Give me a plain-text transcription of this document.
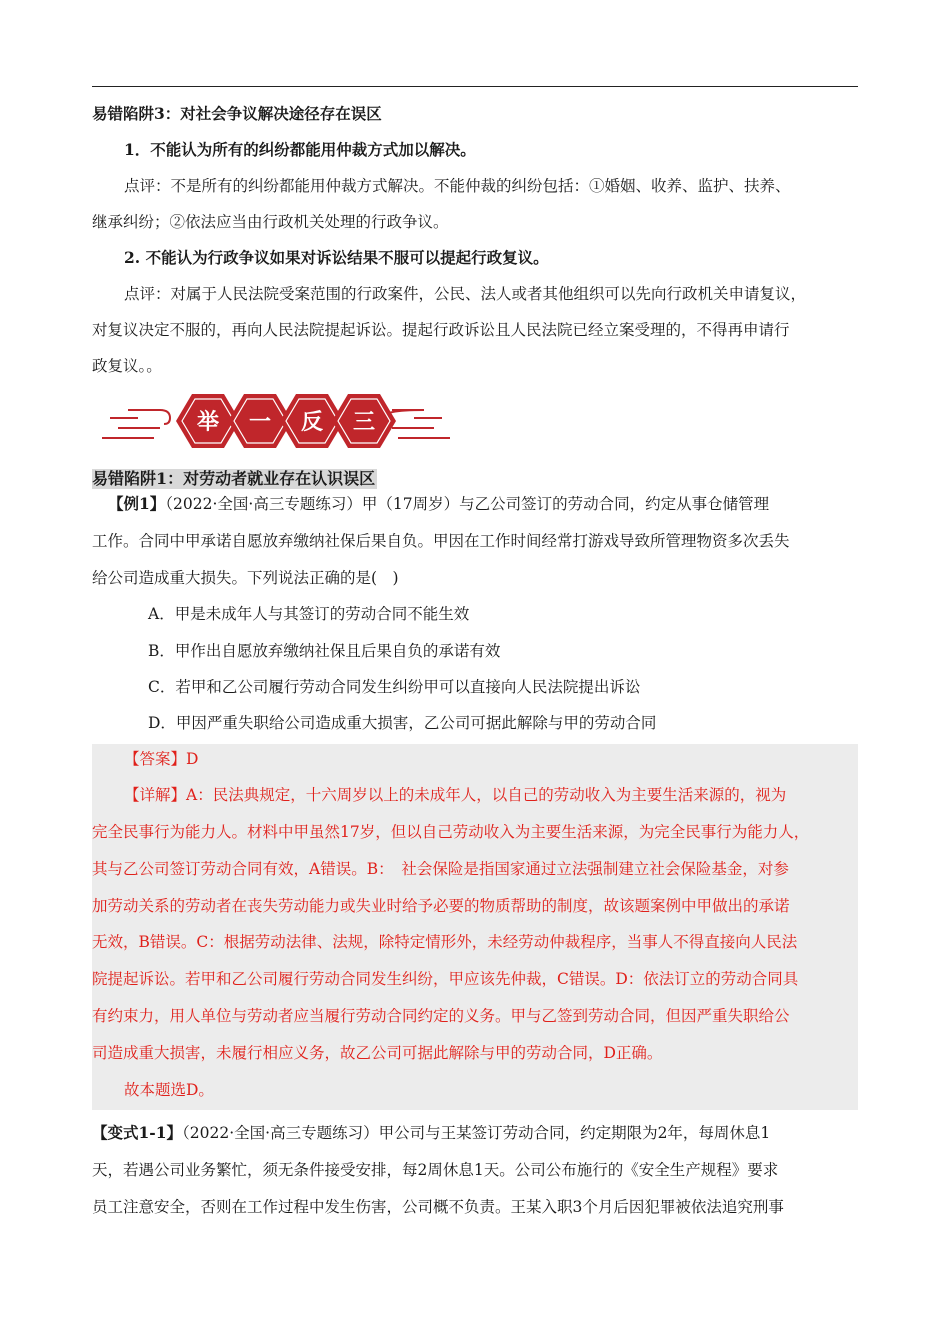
易错陷阱3：对社会争议解决途径存在误区
1．不能认为所有的纠纷都能用仲裁方式加以解决。
点评：不是所有的纠纷都能用仲裁方式解决。不能仲裁的纠纷包括：①婚姻、收养、监护、扶养、
继承纠纷；②依法应当由行政机关处理的行政争议。
2. 不能认为行政争议如果对诉讼结果不服可以提起行政复议。
点评：对属于人民法院受案范围的行政案件，公民、法人或者其他组织可以先向行政机关申请复议，
对复议决定不服的，再向人民法院提起诉讼。提起行政诉讼且人民法院已经立案受理的，不得再申请行
政复议。。
举 一 反 三
易错陷阱1：对劳动者就业存在认识误区
【例1】（2022·全国·高三专题练习）甲（17周岁）与乙公司签订的劳动合同，约定从事仓储管理
工作。合同中甲承诺自愿放弃缴纳社保后果自负。甲因在工作时间经常打游戏导致所管理物资多次丢失
给公司造成重大损失。下列说法正确的是(　)
A．甲是未成年人与其签订的劳动合同不能生效
B．甲作出自愿放弃缴纳社保且后果自负的承诺有效
C．若甲和乙公司履行劳动合同发生纠纷甲可以直接向人民法院提出诉讼
D．甲因严重失职给公司造成重大损害，乙公司可据此解除与甲的劳动合同
【答案】D
【详解】A：民法典规定，十六周岁以上的未成年人，以自己的劳动收入为主要生活来源的，视为
完全民事行为能力人。材料中甲虽然17岁，但以自己劳动收入为主要生活来源，为完全民事行为能力人，
其与乙公司签订劳动合同有效，A错误。B：　社会保险是指国家通过立法强制建立社会保险基金，对参
加劳动关系的劳动者在丧失劳动能力或失业时给予必要的物质帮助的制度，故该题案例中甲做出的承诺
无效，B错误。C：根据劳动法律、法规，除特定情形外，未经劳动仲裁程序，当事人不得直接向人民法
院提起诉讼。若甲和乙公司履行劳动合同发生纠纷，甲应该先仲裁，C错误。D：依法订立的劳动合同具
有约束力，用人单位与劳动者应当履行劳动合同约定的义务。甲与乙签到劳动合同，但因严重失职给公
司造成重大损害，未履行相应义务，故乙公司可据此解除与甲的劳动合同，D正确。
故本题选D。
【变式1-1】（2022·全国·高三专题练习）甲公司与王某签订劳动合同，约定期限为2年，每周休息1
天，若遇公司业务繁忙，须无条件接受安排，每2周休息1天。公司公布施行的《安全生产规程》要求
员工注意安全，否则在工作过程中发生伤害，公司概不负责。王某入职3个月后因犯罪被依法追究刑事
